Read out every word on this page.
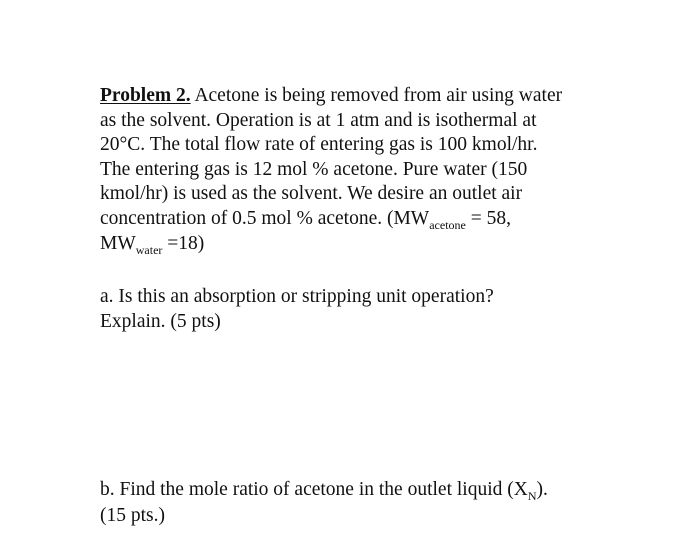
Problem 2. Acetone is being removed from air using water
as the solvent. Operation is at 1 atm and is isothermal at
20°C. The total flow rate of entering gas is 100 kmol/hr.
The entering gas is 12 mol % acetone. Pure water (150
kmol/hr) is used as the solvent. We desire an outlet air
concentration of 0.5 mol % acetone. ($MW_{acetone} = 58$,
$MW_{water} =18$)
a. Is this an absorption or stripping unit operation?
Explain. (5 pts)
b. Find the mole ratio of acetone in the outlet liquid $(X_N)$.
(15 pts.)
